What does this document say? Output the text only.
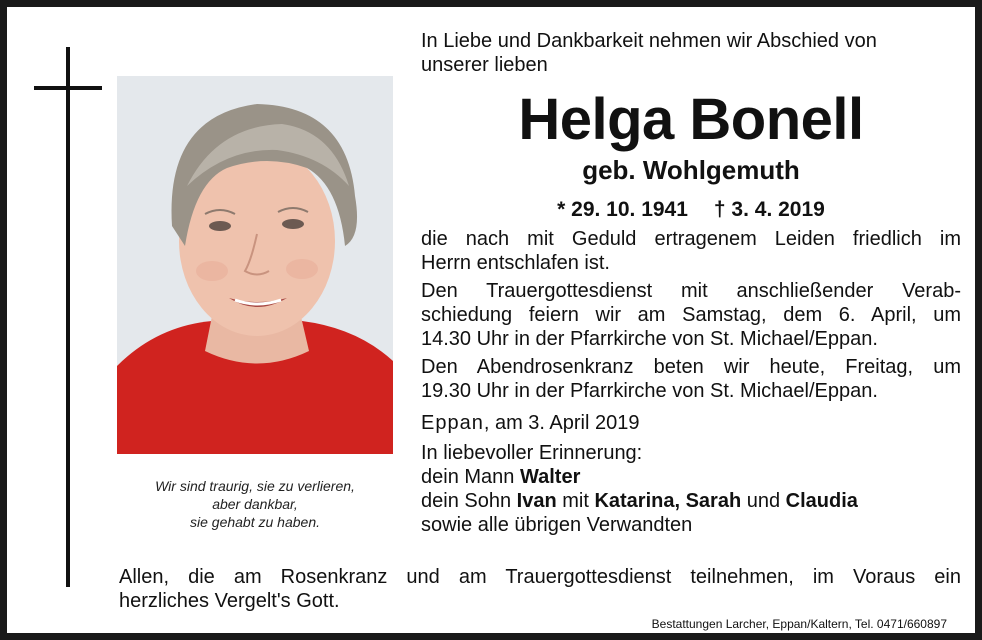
Wir sind traurig, sie zu verlieren,
aber dankbar,
sie gehabt zu haben.
In Liebe und Dankbarkeit nehmen wir Abschied von
unserer lieben
Helga Bonell
geb. Wohlgemuth
* 29. 10. 1941 † 3. 4. 2019
die nach mit Geduld ertragenem Leiden friedlich im
Herrn entschlafen ist.
Den Trauergottesdienst mit anschließender Verab-
schiedung feiern wir am Samstag, dem 6. April, um
14.30 Uhr in der Pfarrkirche von St. Michael/Eppan.
Den Abendrosenkranz beten wir heute, Freitag, um
19.30 Uhr in der Pfarrkirche von St. Michael/Eppan.
Eppan, am 3. April 2019
In liebevoller Erinnerung:
dein Mann Walter
dein Sohn Ivan mit Katarina, Sarah und Claudia
sowie alle übrigen Verwandten
Allen, die am Rosenkranz und am Trauergottesdienst teilnehmen, im Voraus ein
herzliches Vergelt's Gott.
Bestattungen Larcher, Eppan/Kaltern, Tel. 0471/660897
